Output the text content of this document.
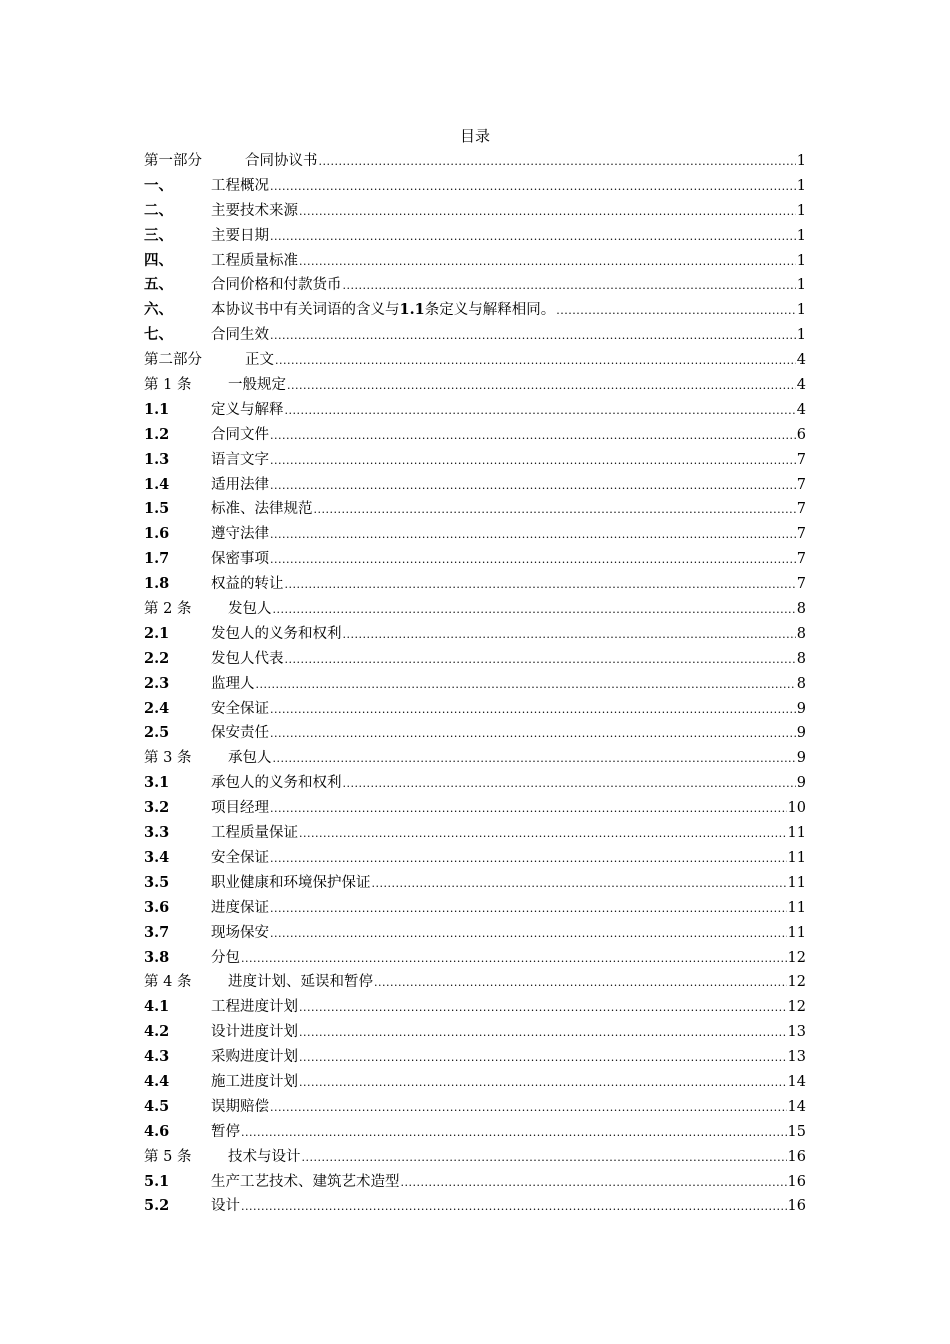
目录
第一部分	合同协议书 .....	1
一、	工程概况 .....	1
二、	主要技术来源 .....	1
三、	主要日期 .....	1
四、	工程质量标准 .....	1
五、	合同价格和付款货币 .....	1
六、	本协议书中有关词语的含义与1.1条定义与解释相同。 .....	1
七、	合同生效 .....	1
第二部分	正文 .....	4
第 1 条	一般规定 .....	4
1.1	定义与解释 .....	4
1.2	合同文件 .....	6
1.3	语言文字 .....	7
1.4	适用法律 .....	7
1.5	标准、法律规范 .....	7
1.6	遵守法律 .....	7
1.7	保密事项 .....	7
1.8	权益的转让 .....	7
第 2 条	发包人 .....	8
2.1	发包人的义务和权利 .....	8
2.2	发包人代表 .....	8
2.3	监理人 .....	8
2.4	安全保证 .....	9
2.5	保安责任 .....	9
第 3 条	承包人 .....	9
3.1	承包人的义务和权利 .....	9
3.2	项目经理 .....	10
3.3	工程质量保证 .....	11
3.4	安全保证 .....	11
3.5	职业健康和环境保护保证 .....	11
3.6	进度保证 .....	11
3.7	现场保安 .....	11
3.8	分包 .....	12
第 4 条	进度计划、延误和暂停 .....	12
4.1	工程进度计划 .....	12
4.2	设计进度计划 .....	13
4.3	采购进度计划 .....	13
4.4	施工进度计划 .....	14
4.5	误期赔偿 .....	14
4.6	暂停 .....	15
第 5 条	技术与设计 .....	16
5.1	生产工艺技术、建筑艺术造型 .....	16
5.2	设计 .....	16
